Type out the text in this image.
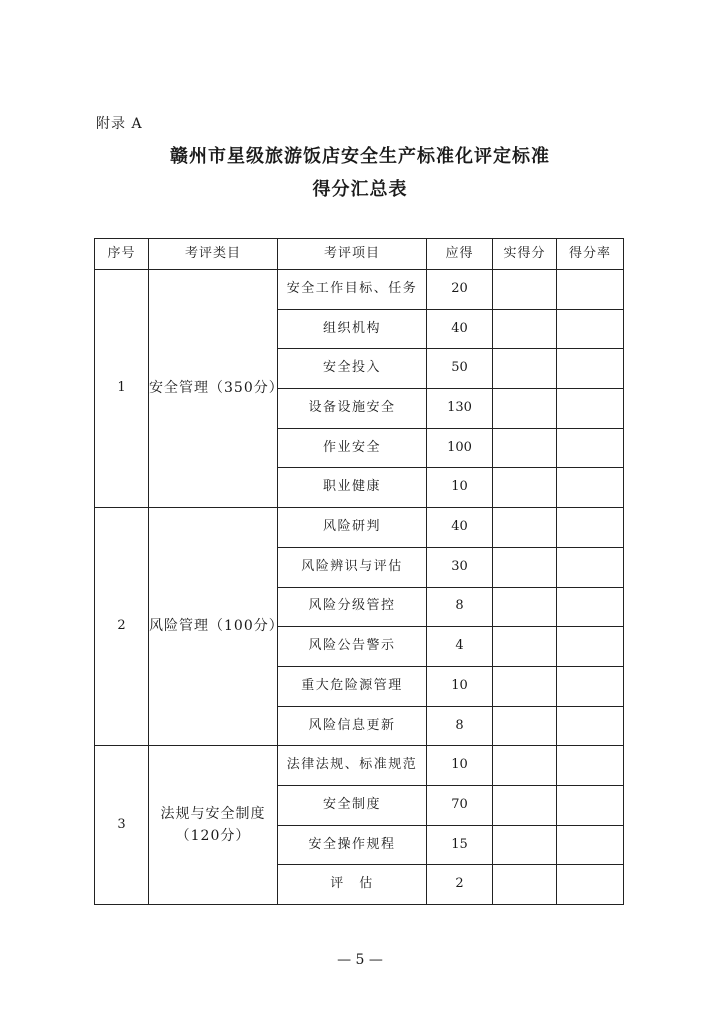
附录 A
赣州市星级旅游饭店安全生产标准化评定标准
得分汇总表
序号	考评类目	考评项目	应得	实得分	得分率
1	安全管理（350分）	安全工作目标、任务	20		
		组织机构	40		
		安全投入	50		
		设备设施安全	130		
		作业安全	100		
		职业健康	10		
2	风险管理（100分）	风险研判	40		
		风险辨识与评估	30		
		风险分级管控	8		
		风险公告警示	4		
		重大危险源管理	10		
		风险信息更新	8		
3	法规与安全制度（120分）	法律法规、标准规范	10		
		安全制度	70		
		安全操作规程	15		
		评　估	2		
— 5 —
